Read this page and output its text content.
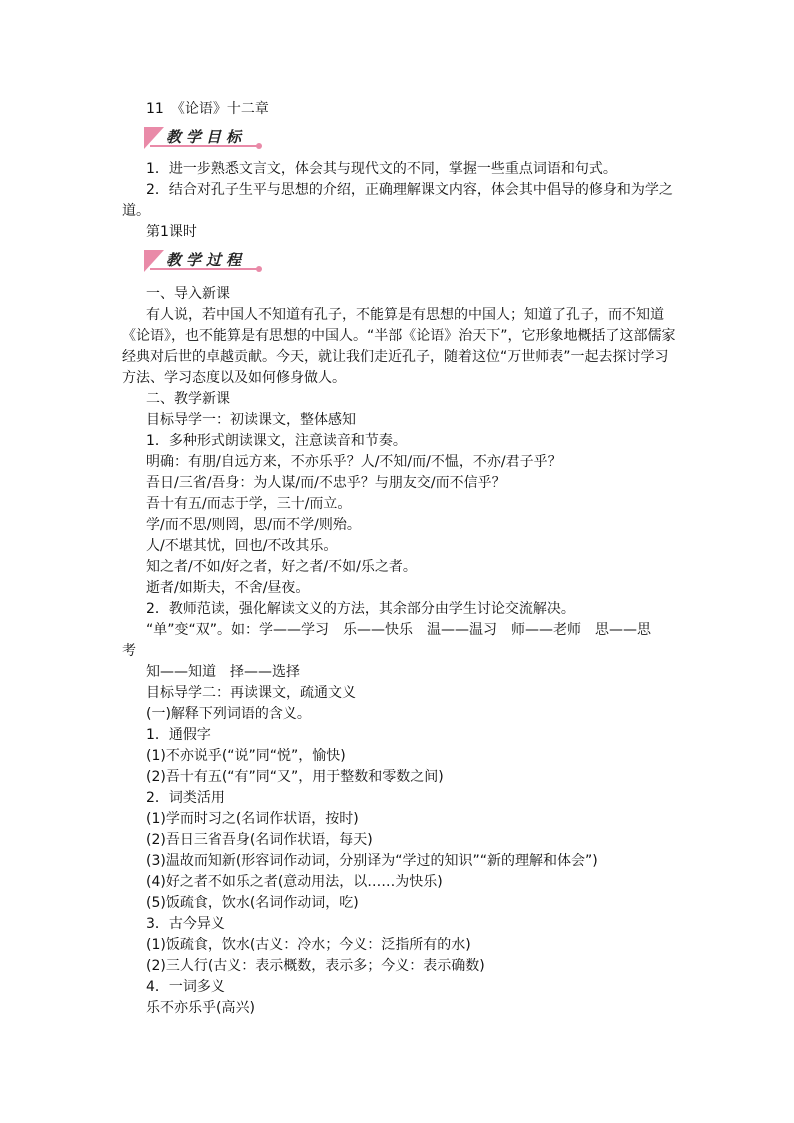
11　《论语》十二章
教学目标
1．进一步熟悉文言文，体会其与现代文的不同，掌握一些重点词语和句式。
2．结合对孔子生平与思想的介绍，正确理解课文内容，体会其中倡导的修身和为学之
道。
第1课时
教学过程
一、导入新课
有人说，若中国人不知道有孔子，不能算是有思想的中国人；知道了孔子，而不知道
《论语》，也不能算是有思想的中国人。“半部《论语》治天下”，它形象地概括了这部儒家
经典对后世的卓越贡献。今天，就让我们走近孔子，随着这位“万世师表”一起去探讨学习
方法、学习态度以及如何修身做人。
二、教学新课
目标导学一：初读课文，整体感知
1．多种形式朗读课文，注意读音和节奏。
明确：有朋/自远方来，不亦乐乎？人/不知/而/不愠，不亦/君子乎？
吾日/三省/吾身：为人谋/而/不忠乎？与朋友交/而不信乎？
吾十有五/而志于学，三十/而立。
学/而不思/则罔，思/而不学/则殆。
人/不堪其忧，回也/不改其乐。
知之者/不如/好之者，好之者/不如/乐之者。
逝者/如斯夫，不舍/昼夜。
2．教师范读，强化解读文义的方法，其余部分由学生讨论交流解决。
“单”变“双”。如：学——学习　乐——快乐　温——温习　师——老师　思——思
考
知——知道　择——选择
目标导学二：再读课文，疏通文义
(一)解释下列词语的含义。
1．通假字
(1)不亦说乎(“说”同“悦”，愉快)
(2)吾十有五(“有”同“又”，用于整数和零数之间)
2．词类活用
(1)学而时习之(名词作状语，按时)
(2)吾日三省吾身(名词作状语，每天)
(3)温故而知新(形容词作动词，分别译为“学过的知识”“新的理解和体会”)
(4)好之者不如乐之者(意动用法，以……为快乐)
(5)饭疏食，饮水(名词作动词，吃)
3．古今异义
(1)饭疏食，饮水(古义：冷水；今义：泛指所有的水)
(2)三人行(古义：表示概数，表示多；今义：表示确数)
4．一词多义
乐不亦乐乎(高兴)
